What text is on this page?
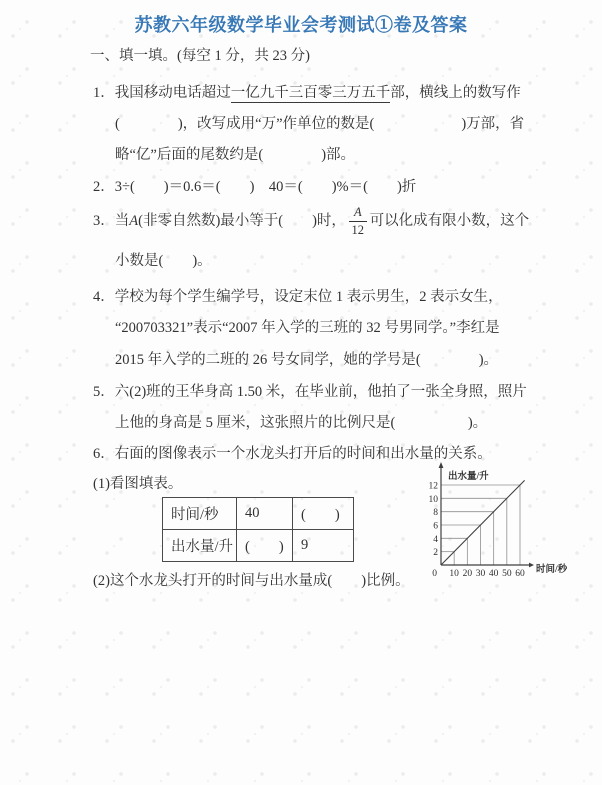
苏教六年级数学毕业会考测试①卷及答案
一、填一填。(每空 1 分，共 23 分)
1．我国移动电话超过一亿九千三百零三万五千部，横线上的数写作
(　　　　)，改写成用“万”作单位的数是(　　　　　　)万部，省
略“亿”后面的尾数约是(　　　　)部。
2．3÷(　　)＝0.6＝(　　)　40＝(　　)%＝(　　)折
3．当 A (非零自然数)最小等于(　　)时， $\frac{A}{12}$ 可以化成有限小数，这个
小数是(　　)。
4．学校为每个学生编学号，设定末位 1 表示男生，2 表示女生，
“200703321”表示“2007 年入学的三班的 32 号男同学。”李红是
2015 年入学的二班的 26 号女同学，她的学号是(　　　　)。
5．六(2)班的王华身高 1.50 米，在毕业前，他拍了一张全身照，照片
上他的身高是 5 厘米，这张照片的比例尺是(　　　　　)。
6．右面的图像表示一个水龙头打开后的时间和出水量的关系。
(1)看图填表。
时间/秒	40	(　　)
出水量/升	(　　)	9
(2)这个水龙头打开的时间与出水量成(　　)比例。 0
2
4
6
8
10
12
10 20 30 40 50 60
出水量/升
时间/秒
